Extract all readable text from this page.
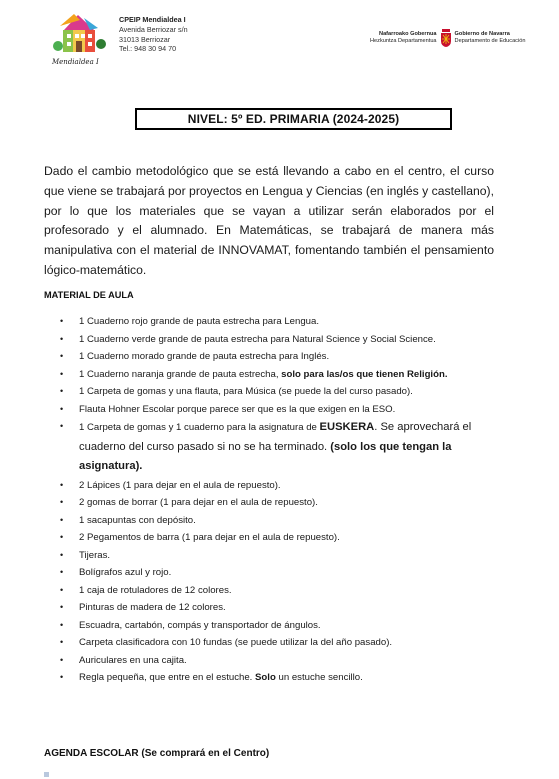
Mendialdea I
CPEIP Mendialdea I
Avenida Berriozar s/n
31013 Berriozar
Tel.: 948 30 94 70
Nafarroako Gobernua
Hezkuntza Departamentua
Gobierno de Navarra
Departamento de Educación
NIVEL: 5º ED. PRIMARIA (2024-2025)

Dado el cambio metodológico que se está llevando a cabo en el centro, el curso que viene se trabajará por proyectos en Lengua y Ciencias (en inglés y castellano), por lo que los materiales que se vayan a utilizar serán elaborados por el profesorado y el alumnado. En Matemáticas, se trabajará de manera más manipulativa con el material de INNOVAMAT, fomentando también el pensamiento lógico-matemático.

MATERIAL DE AULA
• 1 Cuaderno rojo grande de pauta estrecha para Lengua.
• 1 Cuaderno verde grande de pauta estrecha para Natural Science y Social Science.
• 1 Cuaderno morado grande de pauta estrecha para Inglés.
• 1 Cuaderno naranja grande de pauta estrecha, solo para las/os que tienen Religión.
• 1 Carpeta de gomas y una flauta, para Música (se puede la del curso pasado).
• Flauta Hohner Escolar porque parece ser que es la que exigen en la ESO.
• 1 Carpeta de gomas y 1 cuaderno para la asignatura de EUSKERA. Se aprovechará el cuaderno del curso pasado si no se ha terminado. (solo los que tengan la asignatura).
• 2 Lápices (1 para dejar en el aula de repuesto).
• 2 gomas de borrar (1 para dejar en el aula de repuesto).
• 1 sacapuntas con depósito.
• 2 Pegamentos de barra (1 para dejar en el aula de repuesto).
• Tijeras.
• Bolígrafos azul y rojo.
• 1 caja de rotuladores de 12 colores.
• Pinturas de madera de 12 colores.
• Escuadra, cartabón, compás y transportador de ángulos.
• Carpeta clasificadora con 10 fundas (se puede utilizar la del año pasado).
• Auriculares en una cajita.
• Regla pequeña, que entre en el estuche. Solo un estuche sencillo.
AGENDA ESCOLAR (Se comprará en el Centro)
